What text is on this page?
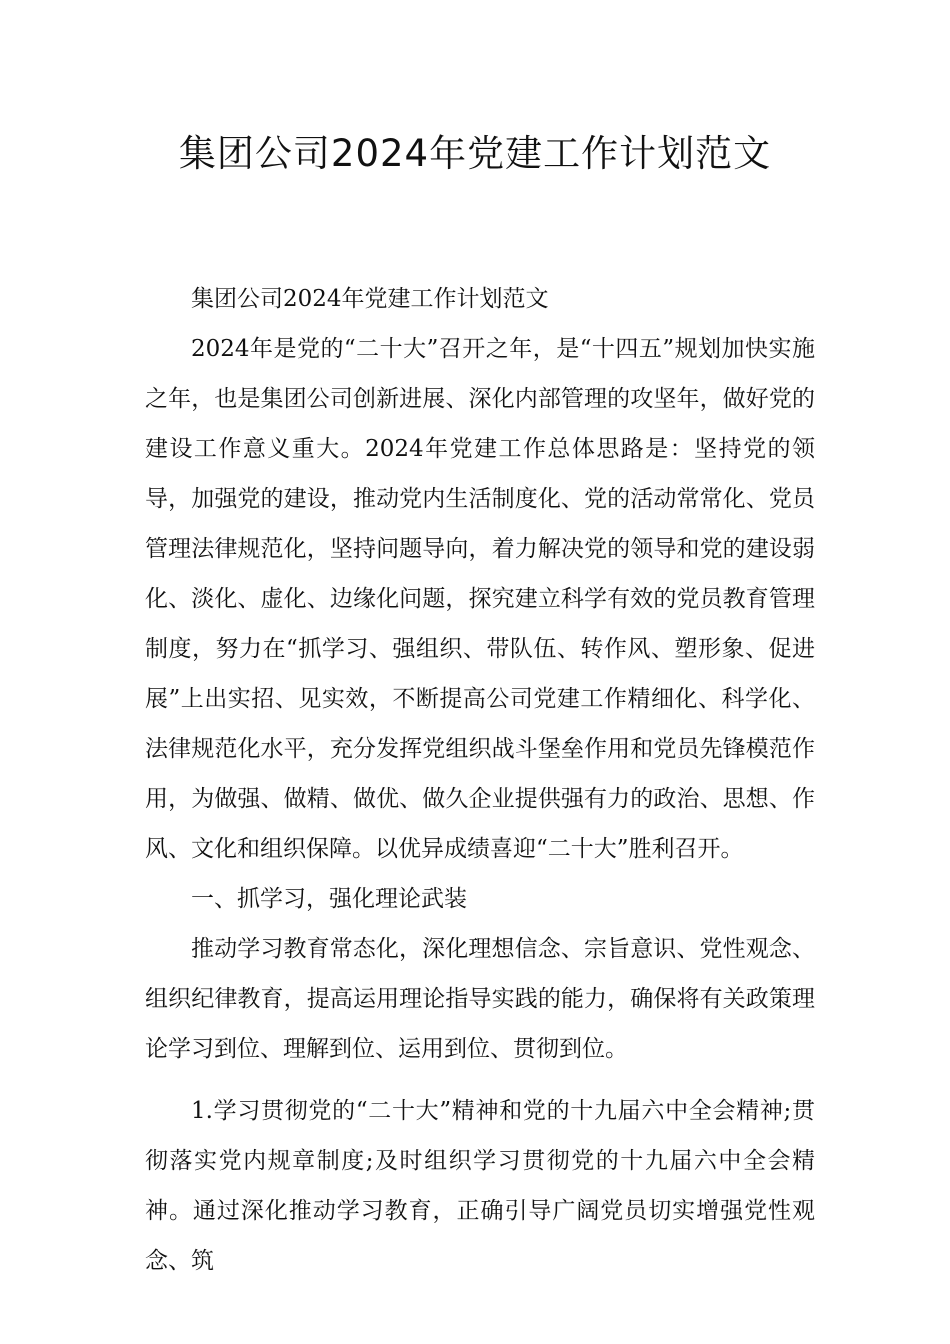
集团公司2024年党建工作计划范文

集团公司2024年党建工作计划范文

2024年是党的“二十大”召开之年，是“十四五”规划加快实施之年，也是集团公司创新进展、深化内部管理的攻坚年，做好党的建设工作意义重大。2024年党建工作总体思路是：坚持党的领导，加强党的建设，推动党内生活制度化、党的活动常常化、党员管理法律规范化，坚持问题导向，着力解决党的领导和党的建设弱化、淡化、虚化、边缘化问题，探究建立科学有效的党员教育管理制度，努力在“抓学习、强组织、带队伍、转作风、塑形象、促进展”上出实招、见实效，不断提高公司党建工作精细化、科学化、法律规范化水平，充分发挥党组织战斗堡垒作用和党员先锋模范作用，为做强、做精、做优、做久企业提供强有力的政治、思想、作风、文化和组织保障。以优异成绩喜迎“二十大”胜利召开。

一、抓学习，强化理论武装

推动学习教育常态化，深化理想信念、宗旨意识、党性观念、组织纪律教育，提高运用理论指导实践的能力，确保将有关政策理论学习到位、理解到位、运用到位、贯彻到位。

1.学习贯彻党的“二十大”精神和党的十九届六中全会精神;贯彻落实党内规章制度;及时组织学习贯彻党的十九届六中全会精神。通过深化推动学习教育，正确引导广阔党员切实增强党性观念、筑
